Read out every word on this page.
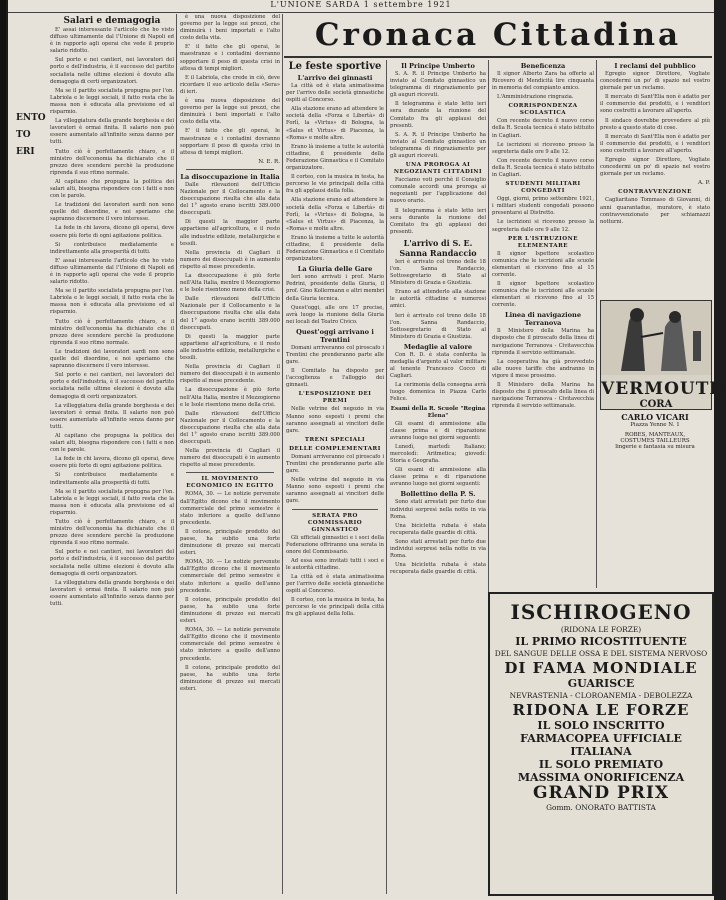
L'UNIONE SARDA 1 settembre 1921
ENTO
TO
ERI
Salari e demagogia

E' assai interessante l'articolo che ho visto diffuso ultimamente dal l'Unione di Napoli ed è in rapporto agli operai che vede il proprio salario ridotto.

Sul porto e nei cantieri, nei lavoratori del porto e dell'industria, è il successo del partito socialista nelle ultime elezioni è dovuto alla demagogia di certi organizzatori.

Ma se il partito socialista propugna per l'on. Labriola e le leggi sociali, il fatto resta che la massa non è educata alla previsione ed al risparmio.

La villeggiatura della grande borghesia e dei lavoratori è ormai finita. Il salario non può essere aumentato all'infinito senza danno per tutti.

Tutto ciò è perfettamente chiaro, e il ministro dell'economia ha dichiarato che il prezzo deve scendere perchè la produzione riprenda il suo ritmo normale.

Al capitano che propugna la politica dei salari alti, bisogna rispondere con i fatti e non con le parole.

Le tradizioni dei lavoratori sardi non sono quelle del disordine, e noi speriamo che sapranno discernere il vero interesse.

La fede in chi lavora, dicono gli operai, deve essere più forte di ogni agitazione politica.

Si contribuisce mediatamente e indirettamente alla prosperità di tutti.

E' assai interessante l'articolo che ho visto diffuso ultimamente dal l'Unione di Napoli ed è in rapporto agli operai che vede il proprio salario ridotto.

Ma se il partito socialista propugna per l'on. Labriola e le leggi sociali, il fatto resta che la massa non è educata alla previsione ed al risparmio.

Tutto ciò è perfettamente chiaro, e il ministro dell'economia ha dichiarato che il prezzo deve scendere perchè la produzione riprenda il suo ritmo normale.

Le tradizioni dei lavoratori sardi non sono quelle del disordine, e noi speriamo che sapranno discernere il vero interesse.

Sul porto e nei cantieri, nei lavoratori del porto e dell'industria, è il successo del partito socialista nelle ultime elezioni è dovuto alla demagogia di certi organizzatori.

La villeggiatura della grande borghesia e dei lavoratori è ormai finita. Il salario non può essere aumentato all'infinito senza danno per tutti.

Al capitano che propugna la politica dei salari alti, bisogna rispondere con i fatti e non con le parole.

La fede in chi lavora, dicono gli operai, deve essere più forte di ogni agitazione politica.

Si contribuisce mediatamente e indirettamente alla prosperità di tutti.

Ma se il partito socialista propugna per l'on. Labriola e le leggi sociali, il fatto resta che la massa non è educata alla previsione ed al risparmio.

Tutto ciò è perfettamente chiaro, e il ministro dell'economia ha dichiarato che il prezzo deve scendere perchè la produzione riprenda il suo ritmo normale.

Sul porto e nei cantieri, nei lavoratori del porto e dell'industria, è il successo del partito socialista nelle ultime elezioni è dovuto alla demagogia di certi organizzatori.

La villeggiatura della grande borghesia e dei lavoratori è ormai finita. Il salario non può essere aumentato all'infinito senza danno per tutti.

è una nuova disposizione del governo per la legge sui prezzi, che diminuirà i beni importati e l'alto costo della vita.

E' il fatto che gli operai, le maestranze e i contadini dovranno sopportare il peso di questa crisi in attesa di tempi migliori.

E il Labriola, che crede in ciò, deve ricordare il suo articolo della «Sera» di ieri.

è una nuova disposizione del governo per la legge sui prezzi, che diminuirà i beni importati e l'alto costo della vita.

E' il fatto che gli operai, le maestranze e i contadini dovranno sopportare il peso di questa crisi in attesa di tempi migliori.

N. E. R.
La disoccupazione in Italia

Dalle rilevazioni dell'Ufficio Nazionale per il Collocamento e la disoccupazione risulta che alla data del 1° agosto erano iscritti 389.000 disoccupati.

Di questi la maggior parte appartiene all'agricoltura, e il resto alle industrie edilizie, metallurgiche e tessili.

Nella provincia di Cagliari il numero dei disoccupati è in aumento rispetto al mese precedente.

La disoccupazione è più forte nell'Alta Italia, mentre il Mezzogiorno e le Isole risentono meno della crisi.

Dalle rilevazioni dell'Ufficio Nazionale per il Collocamento e la disoccupazione risulta che alla data del 1° agosto erano iscritti 389.000 disoccupati.

Di questi la maggior parte appartiene all'agricoltura, e il resto alle industrie edilizie, metallurgiche e tessili.

Nella provincia di Cagliari il numero dei disoccupati è in aumento rispetto al mese precedente.

La disoccupazione è più forte nell'Alta Italia, mentre il Mezzogiorno e le Isole risentono meno della crisi.

Dalle rilevazioni dell'Ufficio Nazionale per il Collocamento e la disoccupazione risulta che alla data del 1° agosto erano iscritti 389.000 disoccupati.

Nella provincia di Cagliari il numero dei disoccupati è in aumento rispetto al mese precedente.

IL MOVIMENTO ECONOMICO IN EGITTO

ROMA, 30. — Le notizie pervenute dall'Egitto dicono che il movimento commerciale del primo semestre è stato inferiore a quello dell'anno precedente.

Il cotone, principale prodotto del paese, ha subito una forte diminuzione di prezzo sui mercati esteri.

ROMA, 30. — Le notizie pervenute dall'Egitto dicono che il movimento commerciale del primo semestre è stato inferiore a quello dell'anno precedente.

Il cotone, principale prodotto del paese, ha subito una forte diminuzione di prezzo sui mercati esteri.

ROMA, 30. — Le notizie pervenute dall'Egitto dicono che il movimento commerciale del primo semestre è stato inferiore a quello dell'anno precedente.

Il cotone, principale prodotto del paese, ha subito una forte diminuzione di prezzo sui mercati esteri.

Cronaca Cittadina
Le feste sportive
L'arrivo dei ginnasti

La città ed è stata animatissima per l'arrivo delle società ginnastiche ospiti al Concorso.

Alla stazione erano ad attendere le società della «Forza e Libertà» di Forlì, la «Virtus» di Bologna, la «Salus et Virtus» di Piacenza, la «Roma» e molte altre.

Erano là insieme a tutte le autorità cittadine, il presidente della Federazione Ginnastica e il Comitato organizzatore.

Il corteo, con la musica in testa, ha percorso le vie principali della città fra gli applausi della folla.

Alla stazione erano ad attendere le società della «Forza e Libertà» di Forlì, la «Virtus» di Bologna, la «Salus et Virtus» di Piacenza, la «Roma» e molte altre.

Erano là insieme a tutte le autorità cittadine, il presidente della Federazione Ginnastica e il Comitato organizzatore.

La Giuria delle Gare

Ieri sono arrivati i prof. Mario Pedrini, presidente della Giuria, il prof. Gino Kollermann e altri membri della Giuria tecnica.

Quest'oggi, alle ore 17 precise, avrà luogo la riunione della Giuria nei locali del Teatro Civico.

Quest'oggi arrivano i Trentini

Domani arriveranno col piroscafo i Trentini che prenderanno parte alle gare.

Il Comitato ha disposto per l'accoglienza e l'alloggio dei ginnasti.

L'ESPOSIZIONE DEI PREMI

Nelle vetrine del negozio in via Manno sono esposti i premi che saranno assegnati ai vincitori delle gare.

TRENI SPECIALI
DELLE COMPLEMENTARI

Domani arriveranno col piroscafo i Trentini che prenderanno parte alle gare.

Nelle vetrine del negozio in via Manno sono esposti i premi che saranno assegnati ai vincitori delle gare.

SERATA PRO COMMISSARIO GINNASTICO

Gli ufficiali ginnastici e i soci della Federazione offriranno una serata in onore del Commissario.

Ad essa sono invitati tutti i soci e le autorità cittadine.

La città ed è stata animatissima per l'arrivo delle società ginnastiche ospiti al Concorso.

Il corteo, con la musica in testa, ha percorso le vie principali della città fra gli applausi della folla.

Il Principe Umberto

S. A. R. il Principe Umberto ha inviato al Comitato ginnastico un telegramma di ringraziamento per gli auguri ricevuti.

Il telegramma è stato letto ieri sera durante la riunione del Comitato fra gli applausi dei presenti.

S. A. R. il Principe Umberto ha inviato al Comitato ginnastico un telegramma di ringraziamento per gli auguri ricevuti.

UNA PROROGA AI NEGOZIANTI CITTADINI

Facciamo voti perchè il Consiglio comunale accordi una proroga ai negozianti per l'applicazione del nuovo orario.

Il telegramma è stato letto ieri sera durante la riunione del Comitato fra gli applausi dei presenti.

L'arrivo di S. E. Sanna Randaccio

Ieri è arrivato col treno delle 18 l'on. Sanna Randaccio, Sottosegretario di Stato al Ministero di Grazia e Giustizia.

Erano ad attenderlo alla stazione le autorità cittadine e numerosi amici.

Ieri è arrivato col treno delle 18 l'on. Sanna Randaccio, Sottosegretario di Stato al Ministero di Grazia e Giustizia.

Medaglie al valore

Con R. D. è stata conferita la medaglia d'argento al valor militare al tenente Francesco Cocco di Cagliari.

La cerimonia della consegna avrà luogo domenica in Piazza Carlo Felice.

Esami della R. Scuole "Regina Elena"

Gli esami di ammissione alla classe prima e di riparazione avranno luogo nei giorni seguenti:

Lunedì, martedì: Italiano; mercoledì: Aritmetica; giovedì: Storia e Geografia.

Gli esami di ammissione alla classe prima e di riparazione avranno luogo nei giorni seguenti:

Bollettino della P. S.

Sono stati arrestati per furto due individui sorpresi nella notte in via Roma.

Una bicicletta rubata è stata recuperata dalle guardie di città.

Sono stati arrestati per furto due individui sorpresi nella notte in via Roma.

Una bicicletta rubata è stata recuperata dalle guardie di città.

Beneficenza

Il signor Alberto Zara ha offerto al Ricovero di Mendicità lire cinquanta in memoria del compianto amico.

L'Amministrazione ringrazia.

CORRISPONDENZA SCOLASTICA

Con recente decreto il nuovo corso della R. Scuola tecnica è stato istituito in Cagliari.

Le iscrizioni si ricevono presso la segreteria dalle ore 9 alle 12.

Con recente decreto il nuovo corso della R. Scuola tecnica è stato istituito in Cagliari.

STUDENTI MILITARI CONGEDATI

Oggi, giorni, primo settembre 1921, i militari studenti congedati possono presentarsi al Distretto.

Le iscrizioni si ricevono presso la segreteria dalle ore 9 alle 12.

PER L'ISTRUZIONE ELEMENTARE

Il signor Ispettore scolastico comunica che le iscrizioni alle scuole elementari si ricevono fino al 15 corrente.

Il signor Ispettore scolastico comunica che le iscrizioni alle scuole elementari si ricevono fino al 15 corrente.

Linea di navigazione Terranova

Il Ministero della Marina ha disposto che il piroscafo della linea di navigazione Terranova - Civitavecchia riprenda il servizio settimanale.

La cooperativa ha già provveduto alle nuove tariffe che andranno in vigore il mese prossimo.

Il Ministero della Marina ha disposto che il piroscafo della linea di navigazione Terranova - Civitavecchia riprenda il servizio settimanale.

I reclami del pubblico

Egregio signor Direttore, Vogliate concedermi un po' di spazio nel vostro giornale per un reclamo.

Il mercato di Sant'Elia non è adatto per il commercio dei prodotti, e i venditori sono costretti a lavorare all'aperto.

Il sindaco dovrebbe provvedere al più presto a questo stato di cose.

Il mercato di Sant'Elia non è adatto per il commercio dei prodotti, e i venditori sono costretti a lavorare all'aperto.

Egregio signor Direttore, Vogliate concedermi un po' di spazio nel vostro giornale per un reclamo.

A. P.
CONTRAVVENZIONE

Cagliaritano Tommaso di Giovanni, di anni quarantadue, muratore, è stato contravvenzionato per schiamazzi notturni.

VERMOUTH
CORA
CARLO VICARI
Piazza Yenne N. 1
ROBES, MANTEAUX,
COSTUMES TAILLEURS
lingerie e fantasia su misura
ISCHIROGENO
(RIDONA LE FORZE)
IL PRIMO RICOSTITUENTE
DEL SANGUE DELLE OSSA E DEL SISTEMA NERVOSO
DI FAMA MONDIALE
GUARISCE
NEVRASTENIA - CLOROANEMIA - DEBOLEZZA
RIDONA LE FORZE
IL SOLO INSCRITTO
FARMACOPEA UFFICIALE ITALIANA
IL SOLO PREMIATO
MASSIMA ONORIFICENZA
GRAND PRIX
Gomm. ONORATO BATTISTA
